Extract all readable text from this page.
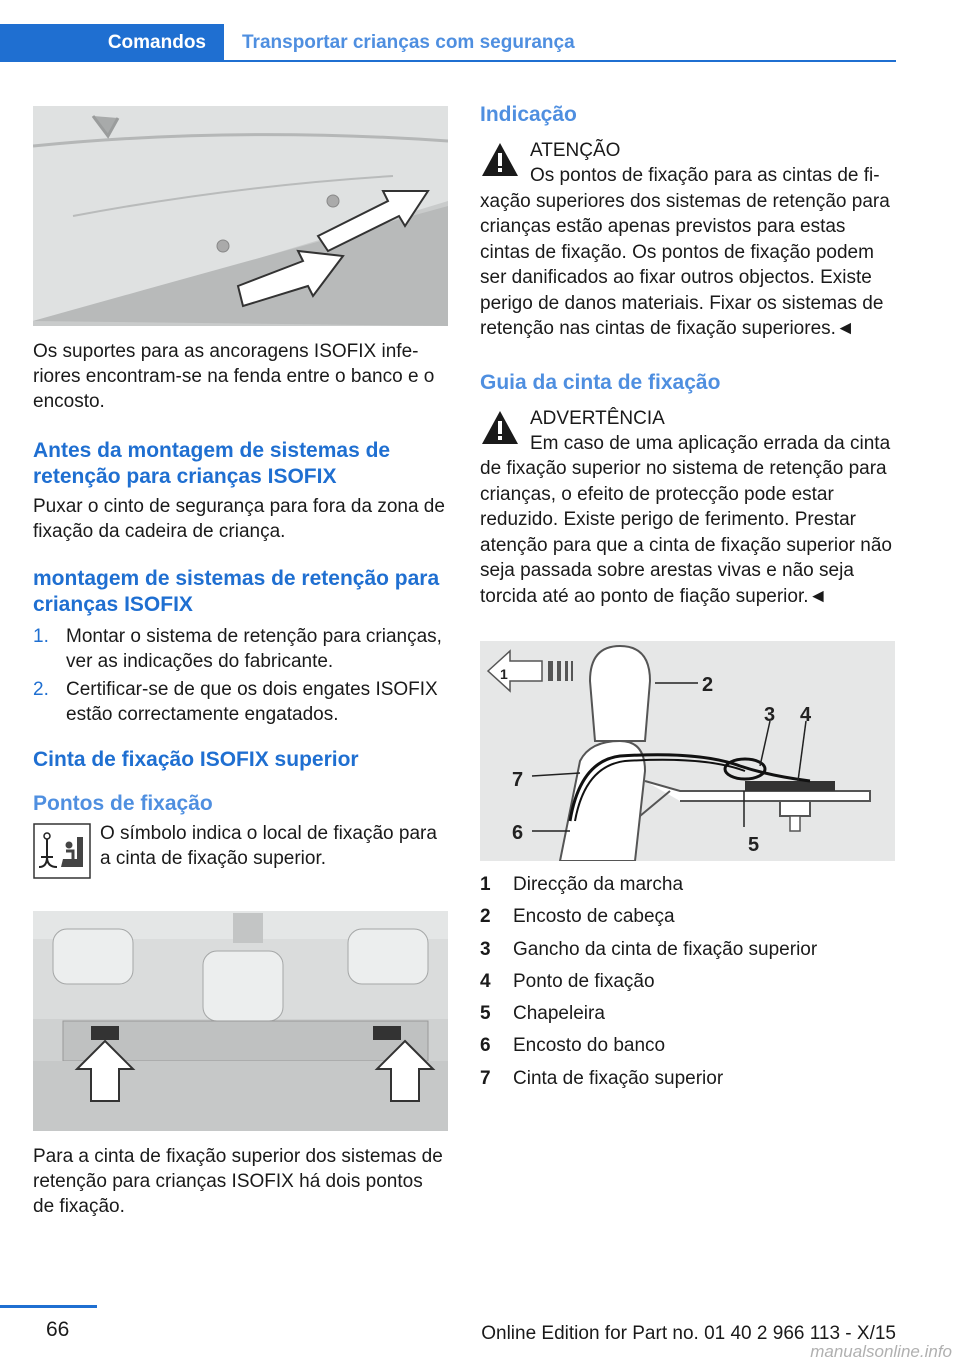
Comandos	Transportar crianças com segurança

Os suportes para as ancoragens ISOFIX inferiores encontram-se na fenda entre o banco e o encosto.

Antes da montagem de sistemas de retenção para crianças ISOFIX

Puxar o cinto de segurança para fora da zona de fixação da cadeira de criança.

montagem de sistemas de retenção para crianças ISOFIX
1. Montar o sistema de retenção para crianças, ver as indicações do fabricante.
2. Certificar-se de que os dois engates ISOFIX estão correctamente engatados.
Cinta de fixação ISOFIX superior
Pontos de fixação

O símbolo indica o local de fixação para a cinta de fixação superior.

Para a cinta de fixação superior dos sistemas de retenção para crianças ISOFIX há dois pontos de fixação.

Indicação
ATENÇÃO
Os pontos de fixação para as cintas de fixação superiores dos sistemas de retenção para crianças estão apenas previstos para estas cintas de fixação. Os pontos de fixação podem ser danificados ao fixar outros objectos. Existe perigo de danos materiais. Fixar os sistemas de retenção nas cintas de fixação superiores.◄
Guia da cinta de fixação
ADVERTÊNCIA
Em caso de uma aplicação errada da cinta de fixação superior no sistema de retenção para crianças, o efeito de protecção pode estar reduzido. Existe perigo de ferimento. Prestar atenção para que a cinta de fixação superior não seja passada sobre arestas vivas e não seja torcida até ao ponto de fiação superior.◄
1	2
3 4
5
6
7
1 Direcção da marcha
2 Encosto de cabeça
3 Gancho da cinta de fixação superior
4 Ponto de fixação
5 Chapeleira
6 Encosto do banco
7 Cinta de fixação superior
66	Online Edition for Part no. 01 40 2 966 113 - X/15
manualsonline.info
